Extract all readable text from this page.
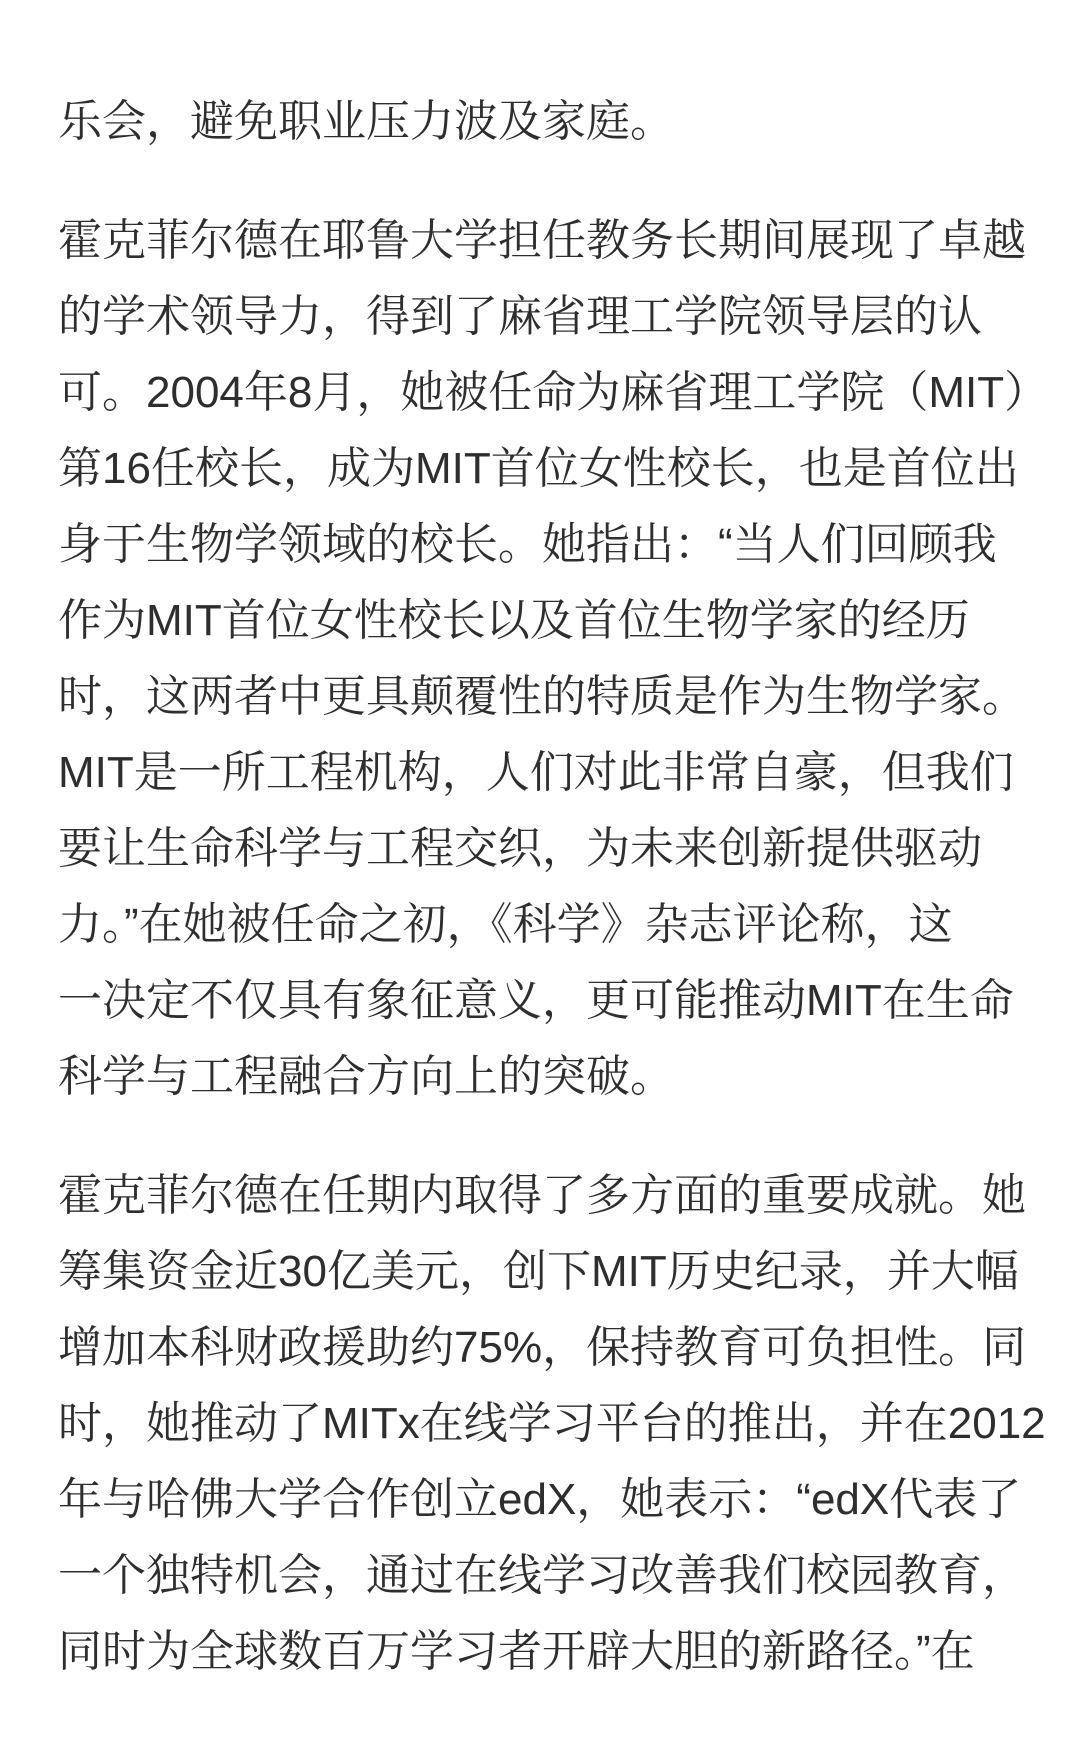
乐会，避免职业压力波及家庭。
霍克菲尔德在耶鲁大学担任教务长期间展现了卓越
的学术领导力，得到了麻省理工学院领导层的认
可。2004年8月，她被任命为麻省理工学院（MIT）
第16任校长，成为MIT首位女性校长，也是首位出
身于生物学领域的校长。她指出：“当人们回顾我
作为MIT首位女性校长以及首位生物学家的经历
时，这两者中更具颠覆性的特质是作为生物学家。
MIT是一所工程机构，人们对此非常自豪，但我们
要让生命科学与工程交织，为未来创新提供驱动
力。”在她被任命之初，《科学》杂志评论称，这
一决定不仅具有象征意义，更可能推动MIT在生命
科学与工程融合方向上的突破。
霍克菲尔德在任期内取得了多方面的重要成就。她
筹集资金近30亿美元，创下MIT历史纪录，并大幅
增加本科财政援助约75%，保持教育可负担性。同
时，她推动了MITx在线学习平台的推出，并在2012
年与哈佛大学合作创立edX，她表示：“edX代表了
一个独特机会，通过在线学习改善我们校园教育，
同时为全球数百万学习者开辟大胆的新路径。”在
